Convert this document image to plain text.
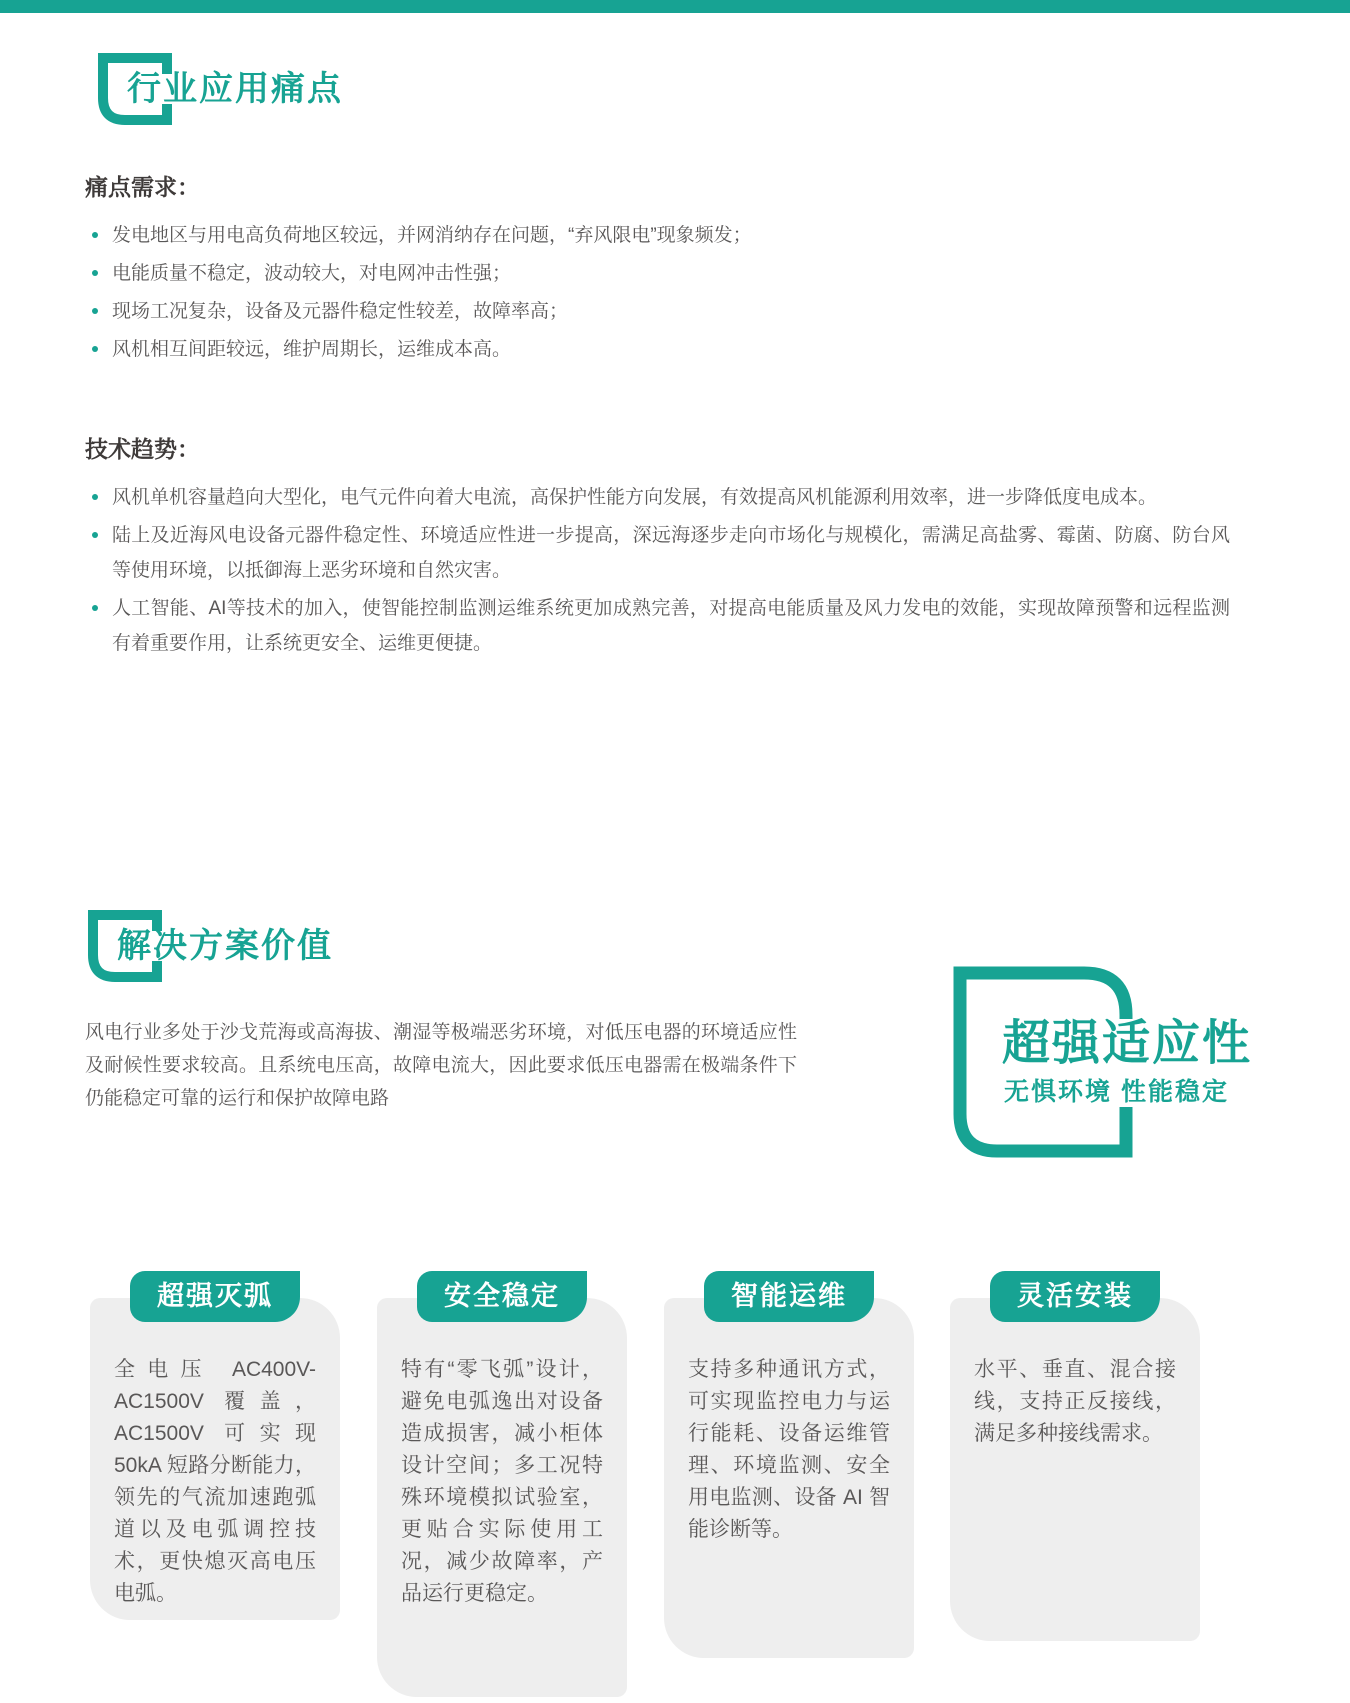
行业应用痛点
痛点需求：
发电地区与用电高负荷地区较远，并网消纳存在问题，“弃风限电”现象频发；
电能质量不稳定，波动较大，对电网冲击性强；
现场工况复杂，设备及元器件稳定性较差，故障率高；
风机相互间距较远，维护周期长，运维成本高。
技术趋势：
风机单机容量趋向大型化，电气元件向着大电流，高保护性能方向发展，有效提高风机能源利用效率，进一步降低度电成本。
陆上及近海风电设备元器件稳定性、环境适应性进一步提高，深远海逐步走向市场化与规模化，需满足高盐雾、霉菌、防腐、防台风等使用环境，以抵御海上恶劣环境和自然灾害。
人工智能、AI等技术的加入，使智能控制监测运维系统更加成熟完善，对提高电能质量及风力发电的效能，实现故障预警和远程监测有着重要作用，让系统更安全、运维更便捷。
解决方案价值

风电行业多处于沙戈荒海或高海拔、潮湿等极端恶劣环境，对低压电器的环境适应性及耐候性要求较高。且系统电压高，故障电流大，因此要求低压电器需在极端条件下仍能稳定可靠的运行和保护故障电路

超强适应性
无惧环境 性能稳定
超强灭弧

全电压 AC400V-AC1500V 覆盖，AC1500V 可实现 50kA 短路分断能力，领先的气流加速跑弧道以及电弧调控技术，更快熄灭高电压电弧。

安全稳定

特有“零飞弧”设计，避免电弧逸出对设备造成损害，减小柜体设计空间；多工况特殊环境模拟试验室，更贴合实际使用工况，减少故障率，产品运行更稳定。

智能运维

支持多种通讯方式，可实现监控电力与运行能耗、设备运维管理、环境监测、安全用电监测、设备 AI 智能诊断等。

灵活安装

水平、垂直、混合接线，支持正反接线，满足多种接线需求。
